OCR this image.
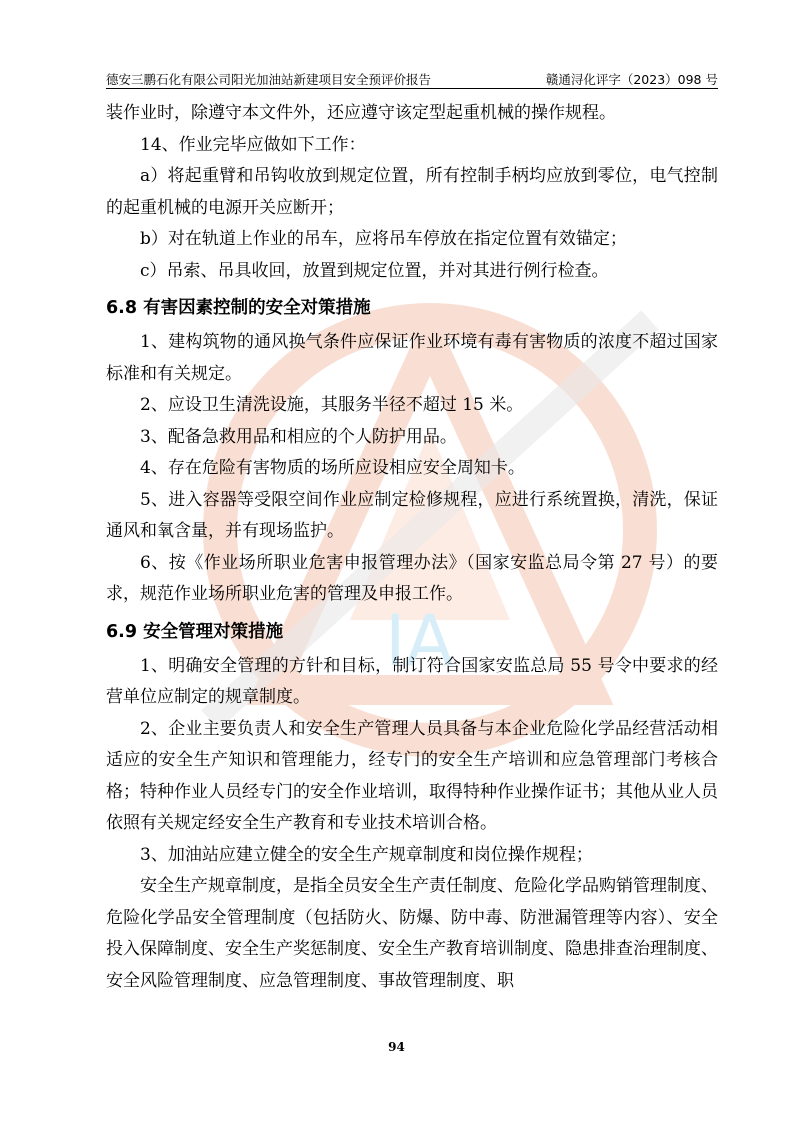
IA
德安三鹏石化有限公司阳光加油站新建项目安全预评价报告	赣通浔化评字（2023）098 号

装作业时，除遵守本文件外，还应遵守该定型起重机械的操作规程。

14、作业完毕应做如下工作：

a）将起重臂和吊钩收放到规定位置，所有控制手柄均应放到零位，电气控制的起重机械的电源开关应断开；

b）对在轨道上作业的吊车，应将吊车停放在指定位置有效锚定；

c）吊索、吊具收回，放置到规定位置，并对其进行例行检查。

6.8 有害因素控制的安全对策措施

1、建构筑物的通风换气条件应保证作业环境有毒有害物质的浓度不超过国家标准和有关规定。

2、应设卫生清洗设施，其服务半径不超过 15 米。

3、配备急救用品和相应的个人防护用品。

4、存在危险有害物质的场所应设相应安全周知卡。

5、进入容器等受限空间作业应制定检修规程，应进行系统置换，清洗，保证通风和氧含量，并有现场监护。

6、按《作业场所职业危害申报管理办法》（国家安监总局令第 27 号）的要求，规范作业场所职业危害的管理及申报工作。

6.9 安全管理对策措施

1、明确安全管理的方针和目标，制订符合国家安监总局 55 号令中要求的经营单位应制定的规章制度。

2、企业主要负责人和安全生产管理人员具备与本企业危险化学品经营活动相适应的安全生产知识和管理能力，经专门的安全生产培训和应急管理部门考核合格；特种作业人员经专门的安全作业培训，取得特种作业操作证书；其他从业人员依照有关规定经安全生产教育和专业技术培训合格。

3、加油站应建立健全的安全生产规章制度和岗位操作规程；

安全生产规章制度，是指全员安全生产责任制度、危险化学品购销管理制度、危险化学品安全管理制度（包括防火、防爆、防中毒、防泄漏管理等内容）、安全投入保障制度、安全生产奖惩制度、安全生产教育培训制度、隐患排查治理制度、安全风险管理制度、应急管理制度、事故管理制度、职

94
